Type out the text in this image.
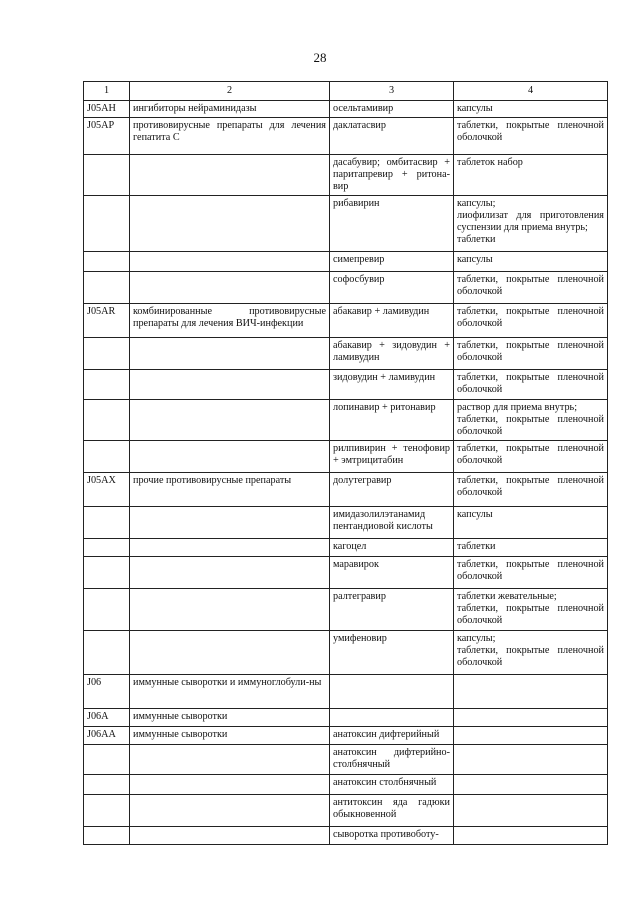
28
1	2	3	4
J05AH	ингибиторы нейраминидазы	осельтамивир	капсулы
J05AP	противовирусные препараты для лечения гепатита С	даклатасвир	таблетки, покрытые пленочной оболочкой
		дасабувир; омбитасвир + паритапревир + ритона-вир	таблеток набор
		рибавирин	капсулы;
лиофилизат для приготовления суспензии для приема внутрь;
таблетки
		симепревир	капсулы
		софосбувир	таблетки, покрытые пленочной оболочкой
J05AR	комбинированные противовирусные препараты для лечения ВИЧ-инфекции	абакавир + ламивудин	таблетки, покрытые пленочной оболочкой
		абакавир + зидовудин + ламивудин	таблетки, покрытые пленочной оболочкой
		зидовудин + ламивудин	таблетки, покрытые пленочной оболочкой
		лопинавир + ритонавир	раствор для приема внутрь;
таблетки, покрытые пленочной оболочкой
		рилпивирин + тенофовир + эмтрицитабин	таблетки, покрытые пленочной оболочкой
J05AX	прочие противовирусные препараты	долутегравир	таблетки, покрытые пленочной оболочкой
		имидазолилэтанамид пентандиовой кислоты	капсулы
		кагоцел	таблетки
		маравирок	таблетки, покрытые пленочной оболочкой
		ралтегравир	таблетки жевательные;
таблетки, покрытые пленочной оболочкой
		умифеновир	капсулы;
таблетки, покрытые пленочной оболочкой
J06	иммунные сыворотки и иммуноглобули-ны		
J06A	иммунные сыворотки		
J06AA	иммунные сыворотки	анатоксин дифтерийный	
		анатоксин дифтерийно-столбнячный	
		анатоксин столбнячный	
		антитоксин яда гадюки обыкновенной	
		сыворотка противоботу-	
